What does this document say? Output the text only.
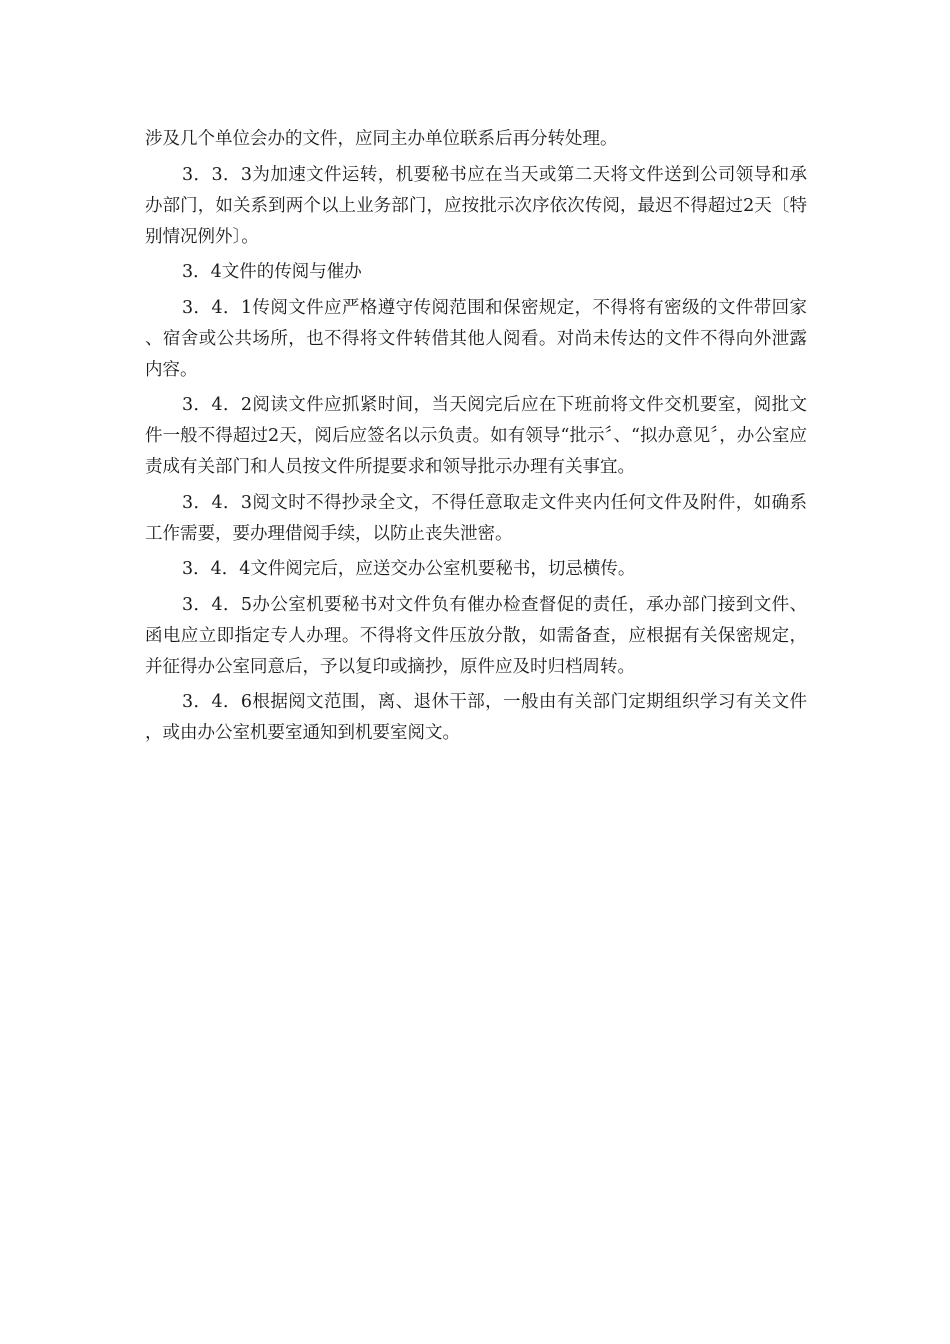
涉及几个单位会办的文件，应同主办单位联系后再分转处理。

3．3．3为加速文件运转，机要秘书应在当天或第二天将文件送到公司领导和承办部门，如关系到两个以上业务部门，应按批示次序依次传阅，最迟不得超过2天〔特别情况例外〕。

3．4文件的传阅与催办

3．4．1传阅文件应严格遵守传阅范围和保密规定，不得将有密级的文件带回家、宿舍或公共场所，也不得将文件转借其他人阅看。对尚未传达的文件不得向外泄露内容。

3．4．2阅读文件应抓紧时间，当天阅完后应在下班前将文件交机要室，阅批文件一般不得超过2天，阅后应签名以示负责。如有领导“批示〞、“拟办意见〞，办公室应责成有关部门和人员按文件所提要求和领导批示办理有关事宜。

3．4．3阅文时不得抄录全文，不得任意取走文件夹内任何文件及附件，如确系工作需要，要办理借阅手续，以防止丧失泄密。

3．4．4文件阅完后，应送交办公室机要秘书，切忌横传。

3．4．5办公室机要秘书对文件负有催办检查督促的责任，承办部门接到文件、函电应立即指定专人办理。不得将文件压放分散，如需备查，应根据有关保密规定，并征得办公室同意后，予以复印或摘抄，原件应及时归档周转。

3．4．6根据阅文范围，离、退休干部，一般由有关部门定期组织学习有关文件，或由办公室机要室通知到机要室阅文。
